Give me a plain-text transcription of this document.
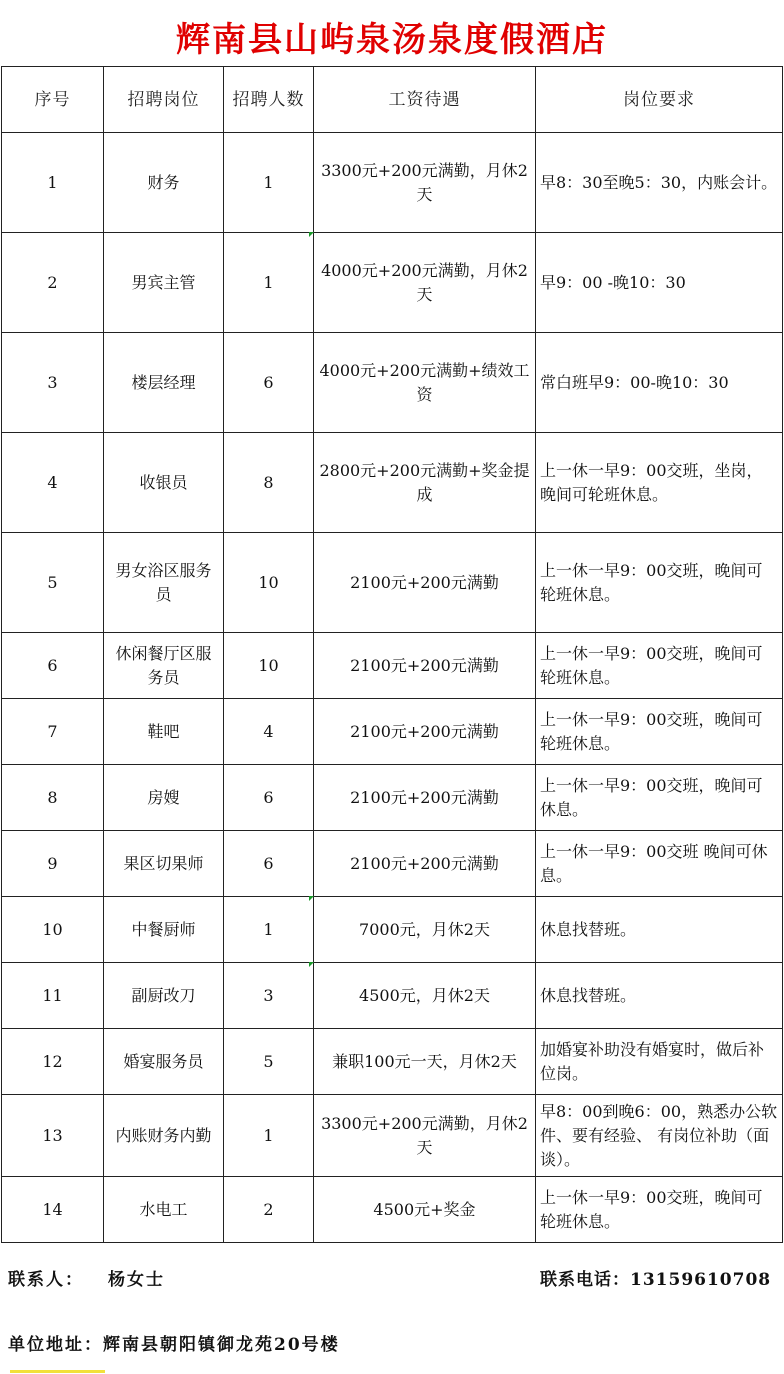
辉南县山屿泉汤泉度假酒店
序号	招聘岗位	招聘人数	工资待遇	岗位要求
1	财务	1	3300元+200元满勤，月休2天	早8：30至晚5：30，内账会计。
2	男宾主管	1	4000元+200元满勤，月休2天	早9：00 -晚10：30
3	楼层经理	6	4000元+200元满勤+绩效工资	常白班早9：00-晚10：30
4	收银员	8	2800元+200元满勤+奖金提成	上一休一早9：00交班，坐岗，晚间可轮班休息。
5	男女浴区服务员	10	2100元+200元满勤	上一休一早9：00交班，晚间可轮班休息。
6	休闲餐厅区服务员	10	2100元+200元满勤	上一休一早9：00交班，晚间可轮班休息。
7	鞋吧	4	2100元+200元满勤	上一休一早9：00交班，晚间可轮班休息。
8	房嫂	6	2100元+200元满勤	上一休一早9：00交班，晚间可休息。
9	果区切果师	6	2100元+200元满勤	上一休一早9：00交班 晚间可休息。
10	中餐厨师	1	7000元，月休2天	休息找替班。
11	副厨改刀	3	4500元，月休2天	休息找替班。
12	婚宴服务员	5	兼职100元一天，月休2天	加婚宴补助没有婚宴时，做后补位岗。
13	内账财务内勤	1	3300元+200元满勤，月休2天	早8：00到晚6：00，熟悉办公软件、要有经验、 有岗位补助（面谈）。
14	水电工	2	4500元+奖金	上一休一早9：00交班，晚间可轮班休息。
联系人： 杨女士	联系电话：13159610708
单位地址：辉南县朝阳镇御龙苑20号楼
